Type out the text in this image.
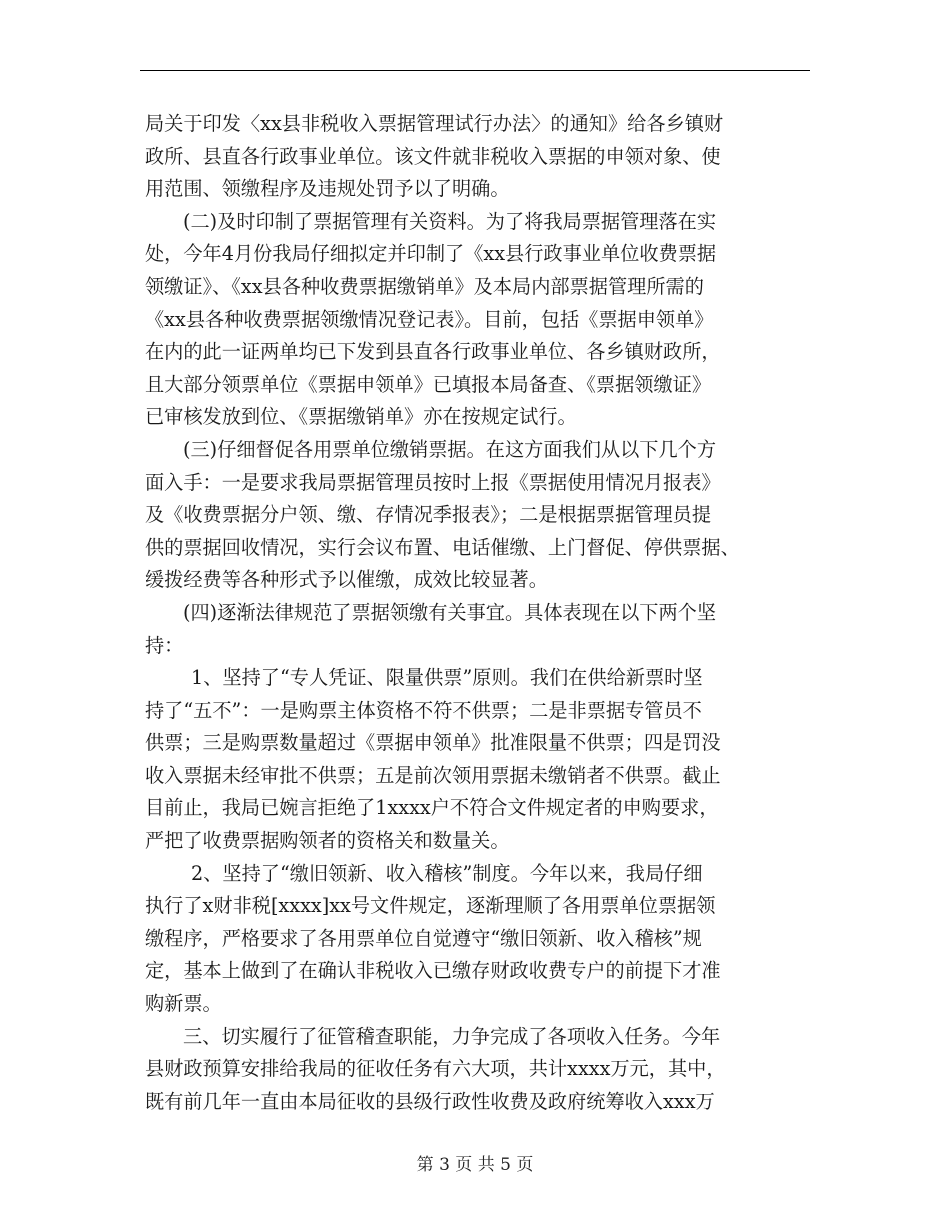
局关于印发〈xx县非税收入票据管理试行办法〉的通知》给各乡镇财
政所、县直各行政事业单位。该文件就非税收入票据的申领对象、使
用范围、领缴程序及违规处罚予以了明确。
(二)及时印制了票据管理有关资料。为了将我局票据管理落在实
处，今年4月份我局仔细拟定并印制了《xx县行政事业单位收费票据
领缴证》、《xx县各种收费票据缴销单》及本局内部票据管理所需的
《xx县各种收费票据领缴情况登记表》。目前，包括《票据申领单》
在内的此一证两单均已下发到县直各行政事业单位、各乡镇财政所，
且大部分领票单位《票据申领单》已填报本局备查、《票据领缴证》
已审核发放到位、《票据缴销单》亦在按规定试行。
(三)仔细督促各用票单位缴销票据。在这方面我们从以下几个方
面入手：一是要求我局票据管理员按时上报《票据使用情况月报表》
及《收费票据分户领、缴、存情况季报表》；二是根据票据管理员提
供的票据回收情况，实行会议布置、电话催缴、上门督促、停供票据、
缓拨经费等各种形式予以催缴，成效比较显著。
(四)逐渐法律规范了票据领缴有关事宜。具体表现在以下两个坚
持：
1、坚持了“专人凭证、限量供票”原则。我们在供给新票时坚
持了“五不”：一是购票主体资格不符不供票；二是非票据专管员不
供票；三是购票数量超过《票据申领单》批准限量不供票；四是罚没
收入票据未经审批不供票；五是前次领用票据未缴销者不供票。截止
目前止，我局已婉言拒绝了1xxxx户不符合文件规定者的申购要求，
严把了收费票据购领者的资格关和数量关。
2、坚持了“缴旧领新、收入稽核”制度。今年以来，我局仔细
执行了x财非税[xxxx]xx号文件规定，逐渐理顺了各用票单位票据领
缴程序，严格要求了各用票单位自觉遵守“缴旧领新、收入稽核”规
定，基本上做到了在确认非税收入已缴存财政收费专户的前提下才准
购新票。
三、切实履行了征管稽查职能，力争完成了各项收入任务。今年
县财政预算安排给我局的征收任务有六大项，共计xxxx万元，其中，
既有前几年一直由本局征收的县级行政性收费及政府统筹收入xxx万
第 3 页 共 5 页
